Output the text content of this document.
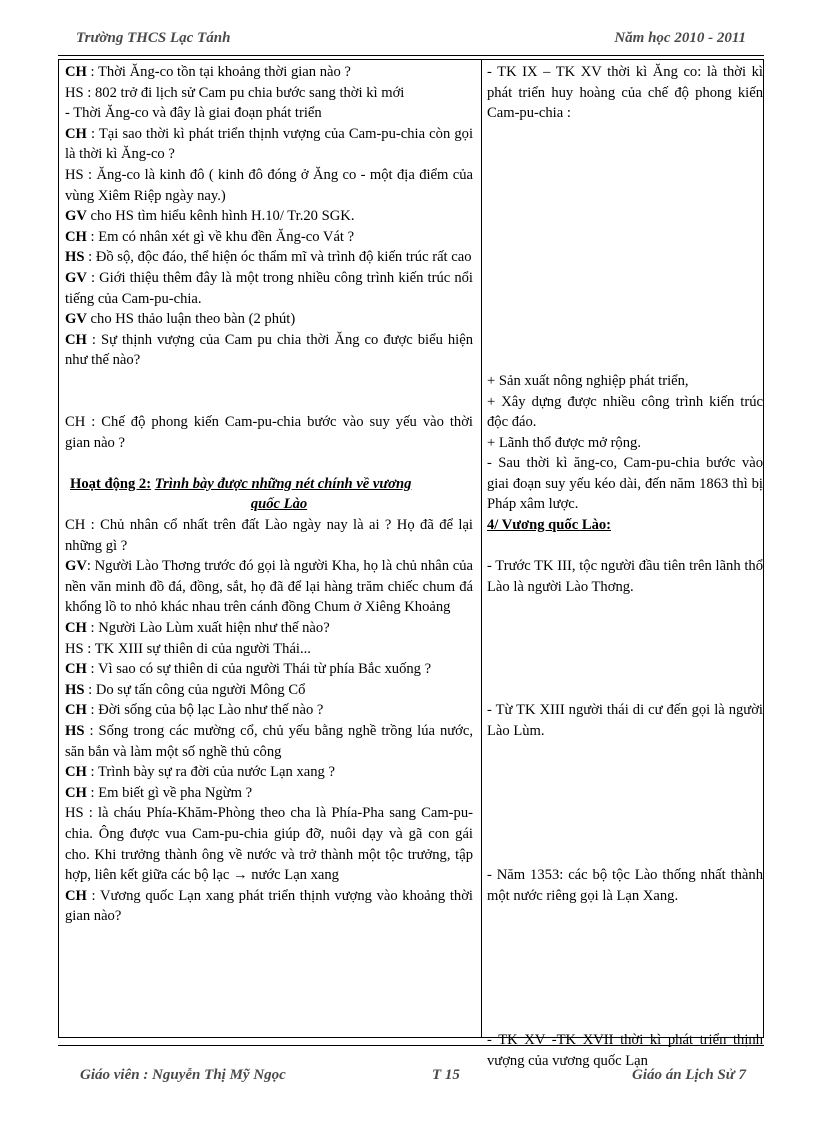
Trường THCS Lạc Tánh	Năm học 2010 - 2011

CH : Thời Ăng-co tồn tại khoảng thời gian nào ?

HS : 802 trở đi lịch sử Cam pu chia bước sang thời kì mới

- Thời Ăng-co và đây là giai đoạn phát triển

CH : Tại sao thời kì phát triển thịnh vượng của Cam-pu-chia còn gọi là thời kì Ăng-co ?

HS : Ăng-co là kinh đô ( kinh đô đóng ở Ăng co - một địa điểm của vùng Xiêm Riệp ngày nay.)

GV cho HS tìm hiểu kênh hình H.10/ Tr.20 SGK.

CH : Em có nhân xét gì về khu đền Ăng-co Vát ?

HS : Đồ sộ, độc đáo, thể hiện óc thẩm mĩ và trình độ kiến trúc rất cao

GV : Giới thiệu thêm đây là một trong nhiều công trình kiến trúc nổi tiếng của Cam-pu-chia.

GV cho HS thảo luận theo bàn (2 phút)

CH : Sự thịnh vượng của Cam pu chia thời Ăng co được biểu hiện như thế nào?

CH : Chế độ phong kiến Cam-pu-chia bước vào suy yếu vào thời gian nào ?

Hoạt động 2: Trình bày được những nét chính về vương

quốc Lào

CH : Chủ nhân cổ nhất trên đất Lào ngày nay là ai ? Họ đã để lại những gì ?

GV: Người Lào Thơng trước đó gọi là người Kha, họ là chủ nhân của nền văn minh đồ đá, đồng, sắt, họ đã để lại hàng trăm chiếc chum đá khổng lồ to nhỏ khác nhau trên cánh đồng Chum ở Xiêng Khoảng

CH : Người Lào Lùm xuất hiện như thế nào?

HS : TK XIII sự thiên di của người Thái...

CH : Vì sao có sự thiên di của người Thái từ phía Bắc xuống ?

HS : Do sự tấn công của người Mông Cổ

CH : Đời sống của bộ lạc Lào như thế nào ?

HS : Sống trong các mường cổ, chủ yếu bằng nghề trồng lúa nước, săn bắn và làm một số nghề thủ công

CH : Trình bày sự ra đời của nước Lạn xang ?

CH : Em biết gì về pha Ngừm ?

HS : là cháu Phía-Khăm-Phòng theo cha là Phía-Pha sang Cam-pu-chia. Ông được vua Cam-pu-chia giúp đỡ, nuôi dạy và gã con gái cho. Khi trưởng thành ông về nước và trở thành một tộc trưởng, tập hợp, liên kết giữa các bộ lạc → nước Lạn xang

CH : Vương quốc Lạn xang phát triển thịnh vượng vào khoảng thời gian nào?

- TK IX – TK XV thời kì Ăng co: là thời kì phát triển huy hoàng của chế độ phong kiến Cam-pu-chia :

+ Sản xuất nông nghiệp phát triển,

+ Xây dựng được nhiều công trình kiến trúc độc đáo.

+ Lãnh thổ được mở rộng.

- Sau thời kì ăng-co, Cam-pu-chia bước vào giai đoạn suy yếu kéo dài, đến năm 1863 thì bị Pháp xâm lược.

4/ Vương quốc Lào:

- Trước TK III, tộc người đầu tiên trên lãnh thổ Lào là người Lào Thơng.

- Từ TK XIII người thái di cư đến gọi là người Lào Lùm.

- Năm 1353: các bộ tộc Lào thống nhất thành một nước riêng gọi là Lạn Xang.

- TK XV -TK XVII thời kì phát triển thịnh vượng của vương quốc Lạn

Giáo viên : Nguyễn Thị Mỹ Ngọc	T 15	Giáo án Lịch Sử 7
